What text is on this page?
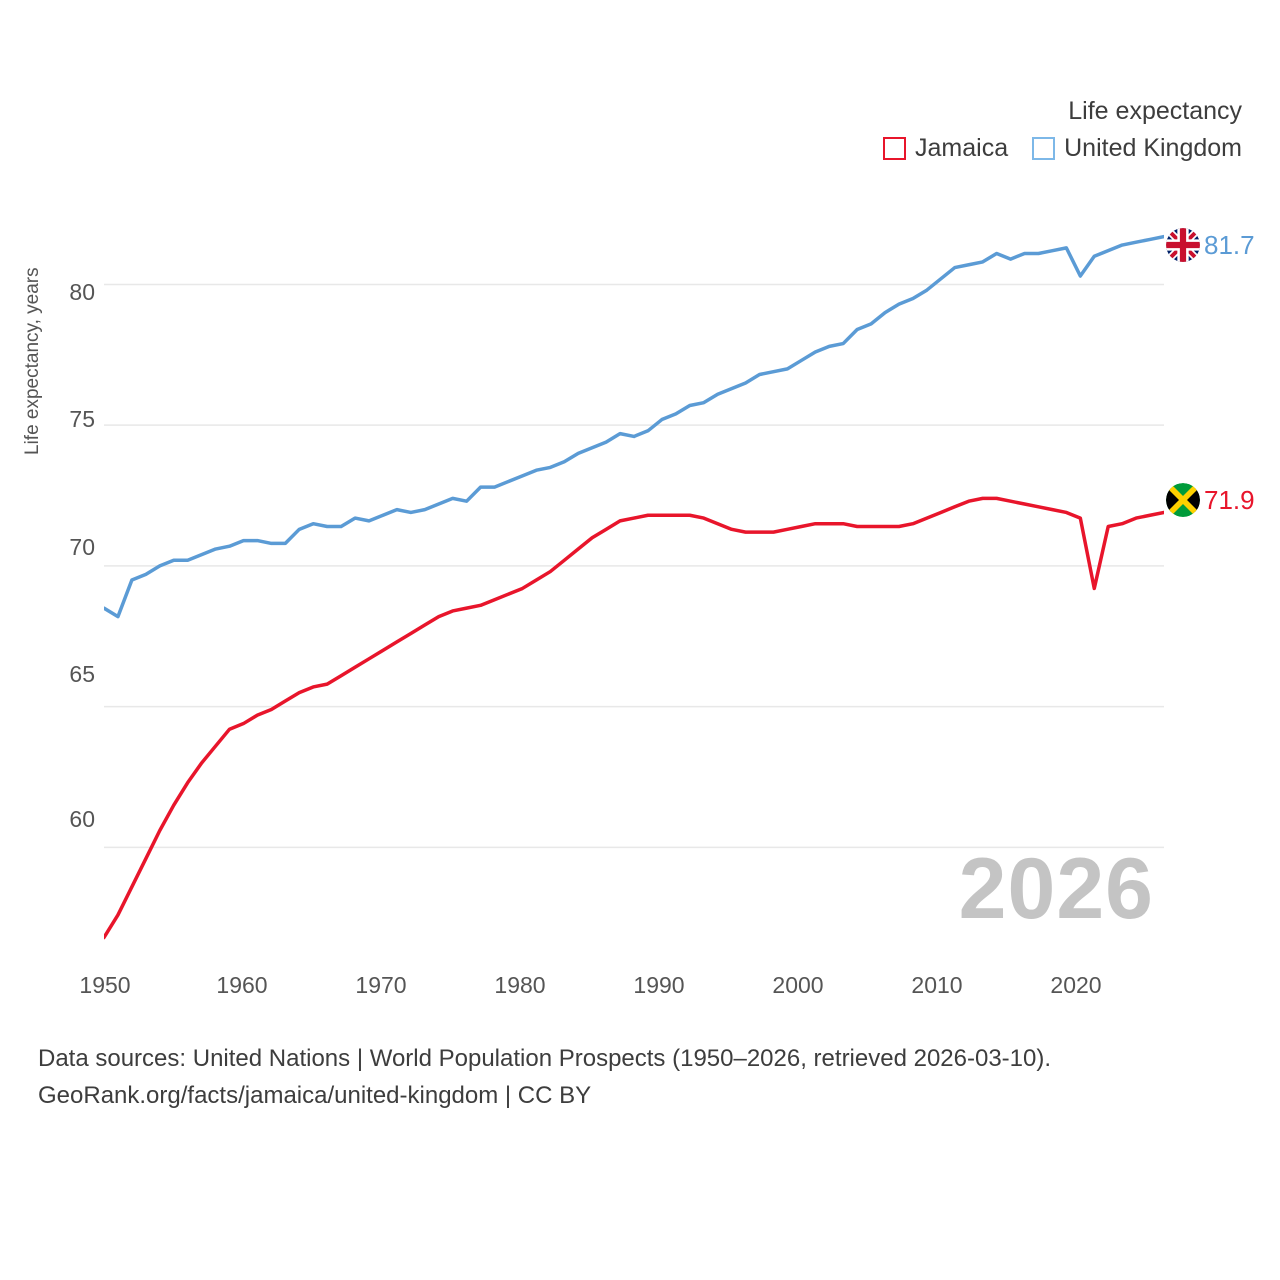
Life expectancy
Jamaica United Kingdom
Life expectancy, years	80
75
70
65
60
1950	1960	1970	1980	1990	2000	2010	2020
2026
81.7
71.9
Data sources: United Nations | World Population Prospects (1950–2026, retrieved 2026-03-10).
GeoRank.org/facts/jamaica/united-kingdom | CC BY
